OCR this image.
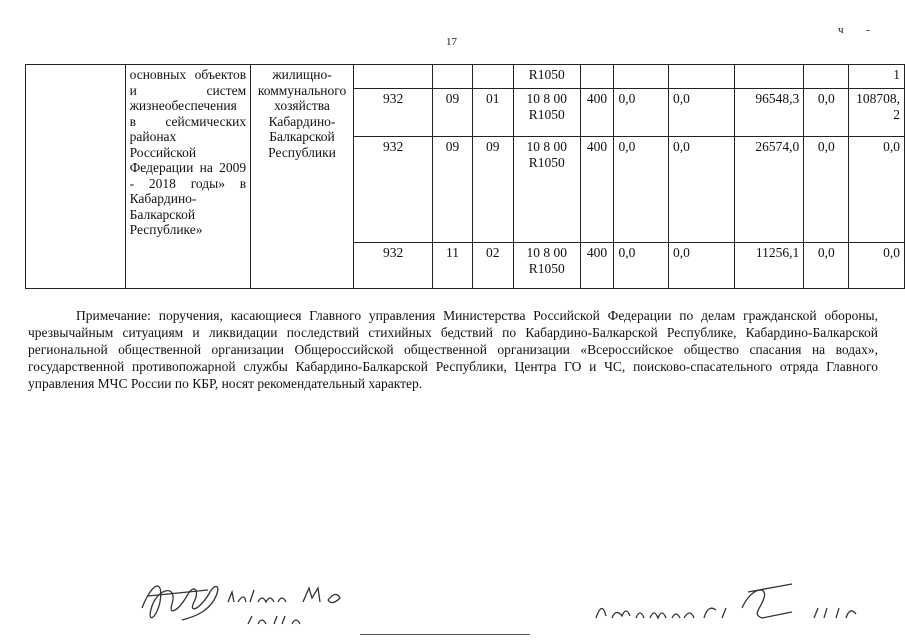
17
ч -
	основных объектов и систем жизнеобеспечения в сейсмических районах Российской Федерации на 2009 - 2018 годы» в Кабардино-Балкарской Республике»	жилищно-коммунального хозяйства Кабардино-Балкарской Республики				R1050						1
			932	09	01	10 8 00 R1050	400	0,0	0,0	96548,3	0,0	108708,2
			932	09	09	10 8 00 R1050	400	0,0	0,0	26574,0	0,0	0,0
			932	11	02	10 8 00 R1050	400	0,0	0,0	11256,1	0,0	0,0
Примечание: поручения, касающиеся Главного управления Министерства Российской Федерации по делам гражданской обороны, чрезвычайным ситуациям и ликвидации последствий стихийных бедствий по Кабардино-Балкарской Республике, Кабардино-Балкарской региональной общественной организации Общероссийской общественной организации «Всероссийское общество спасания на водах», государственной противопожарной службы Кабардино-Балкарской Республики, Центра ГО и ЧС, поисково-спасательного отряда Главного управления МЧС России по КБР, носят рекомендательный характер.
